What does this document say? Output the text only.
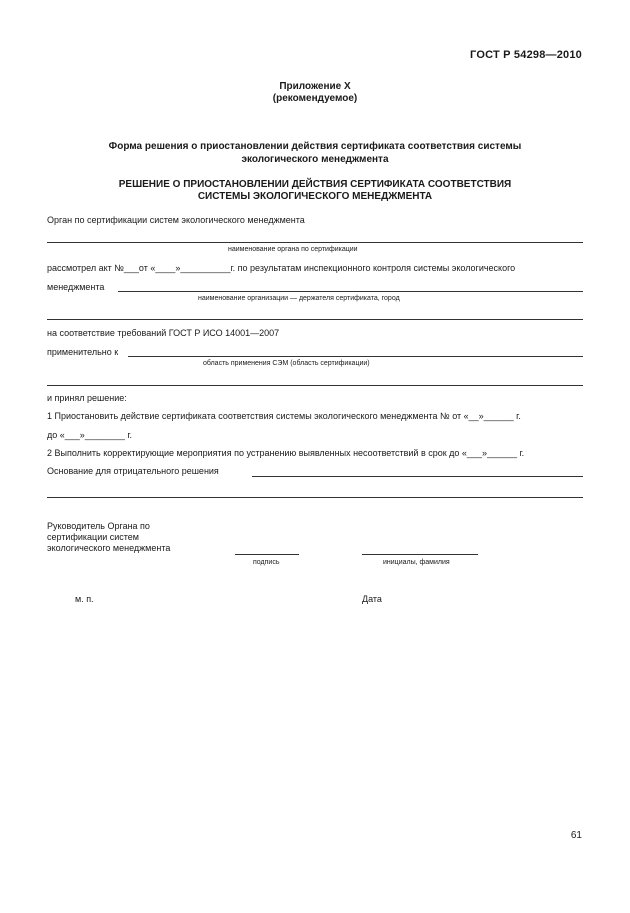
ГОСТ Р 54298—2010
Приложение Х
(рекомендуемое)
Форма решения о приостановлении действия сертификата соответствия системы
экологического менеджмента
РЕШЕНИЕ О ПРИОСТАНОВЛЕНИИ ДЕЙСТВИЯ СЕРТИФИКАТА СООТВЕТСТВИЯ
СИСТЕМЫ ЭКОЛОГИЧЕСКОГО МЕНЕДЖМЕНТА
Орган по сертификации систем экологического менеджмента
наименование органа по сертификации
рассмотрел акт №___от «____»__________г. по результатам инспекционного контроля системы экологического
менеджмента
наименование организации — держателя сертификата, город
на соответствие требований ГОСТ Р ИСО 14001—2007
применительно к
область применения СЭМ (область сертификации)
и принял решение:
1 Приостановить действие сертификата соответствия системы экологического менеджмента № от «__»______ г.
до «___»________ г.
2 Выполнить корректирующие мероприятия по устранению выявленных несоответствий в срок до «___»______ г.
Основание для отрицательного решения
Руководитель Органа по
сертификации систем
экологического менеджмента
подпись	инициалы, фамилия
м. п.	Дата
61
